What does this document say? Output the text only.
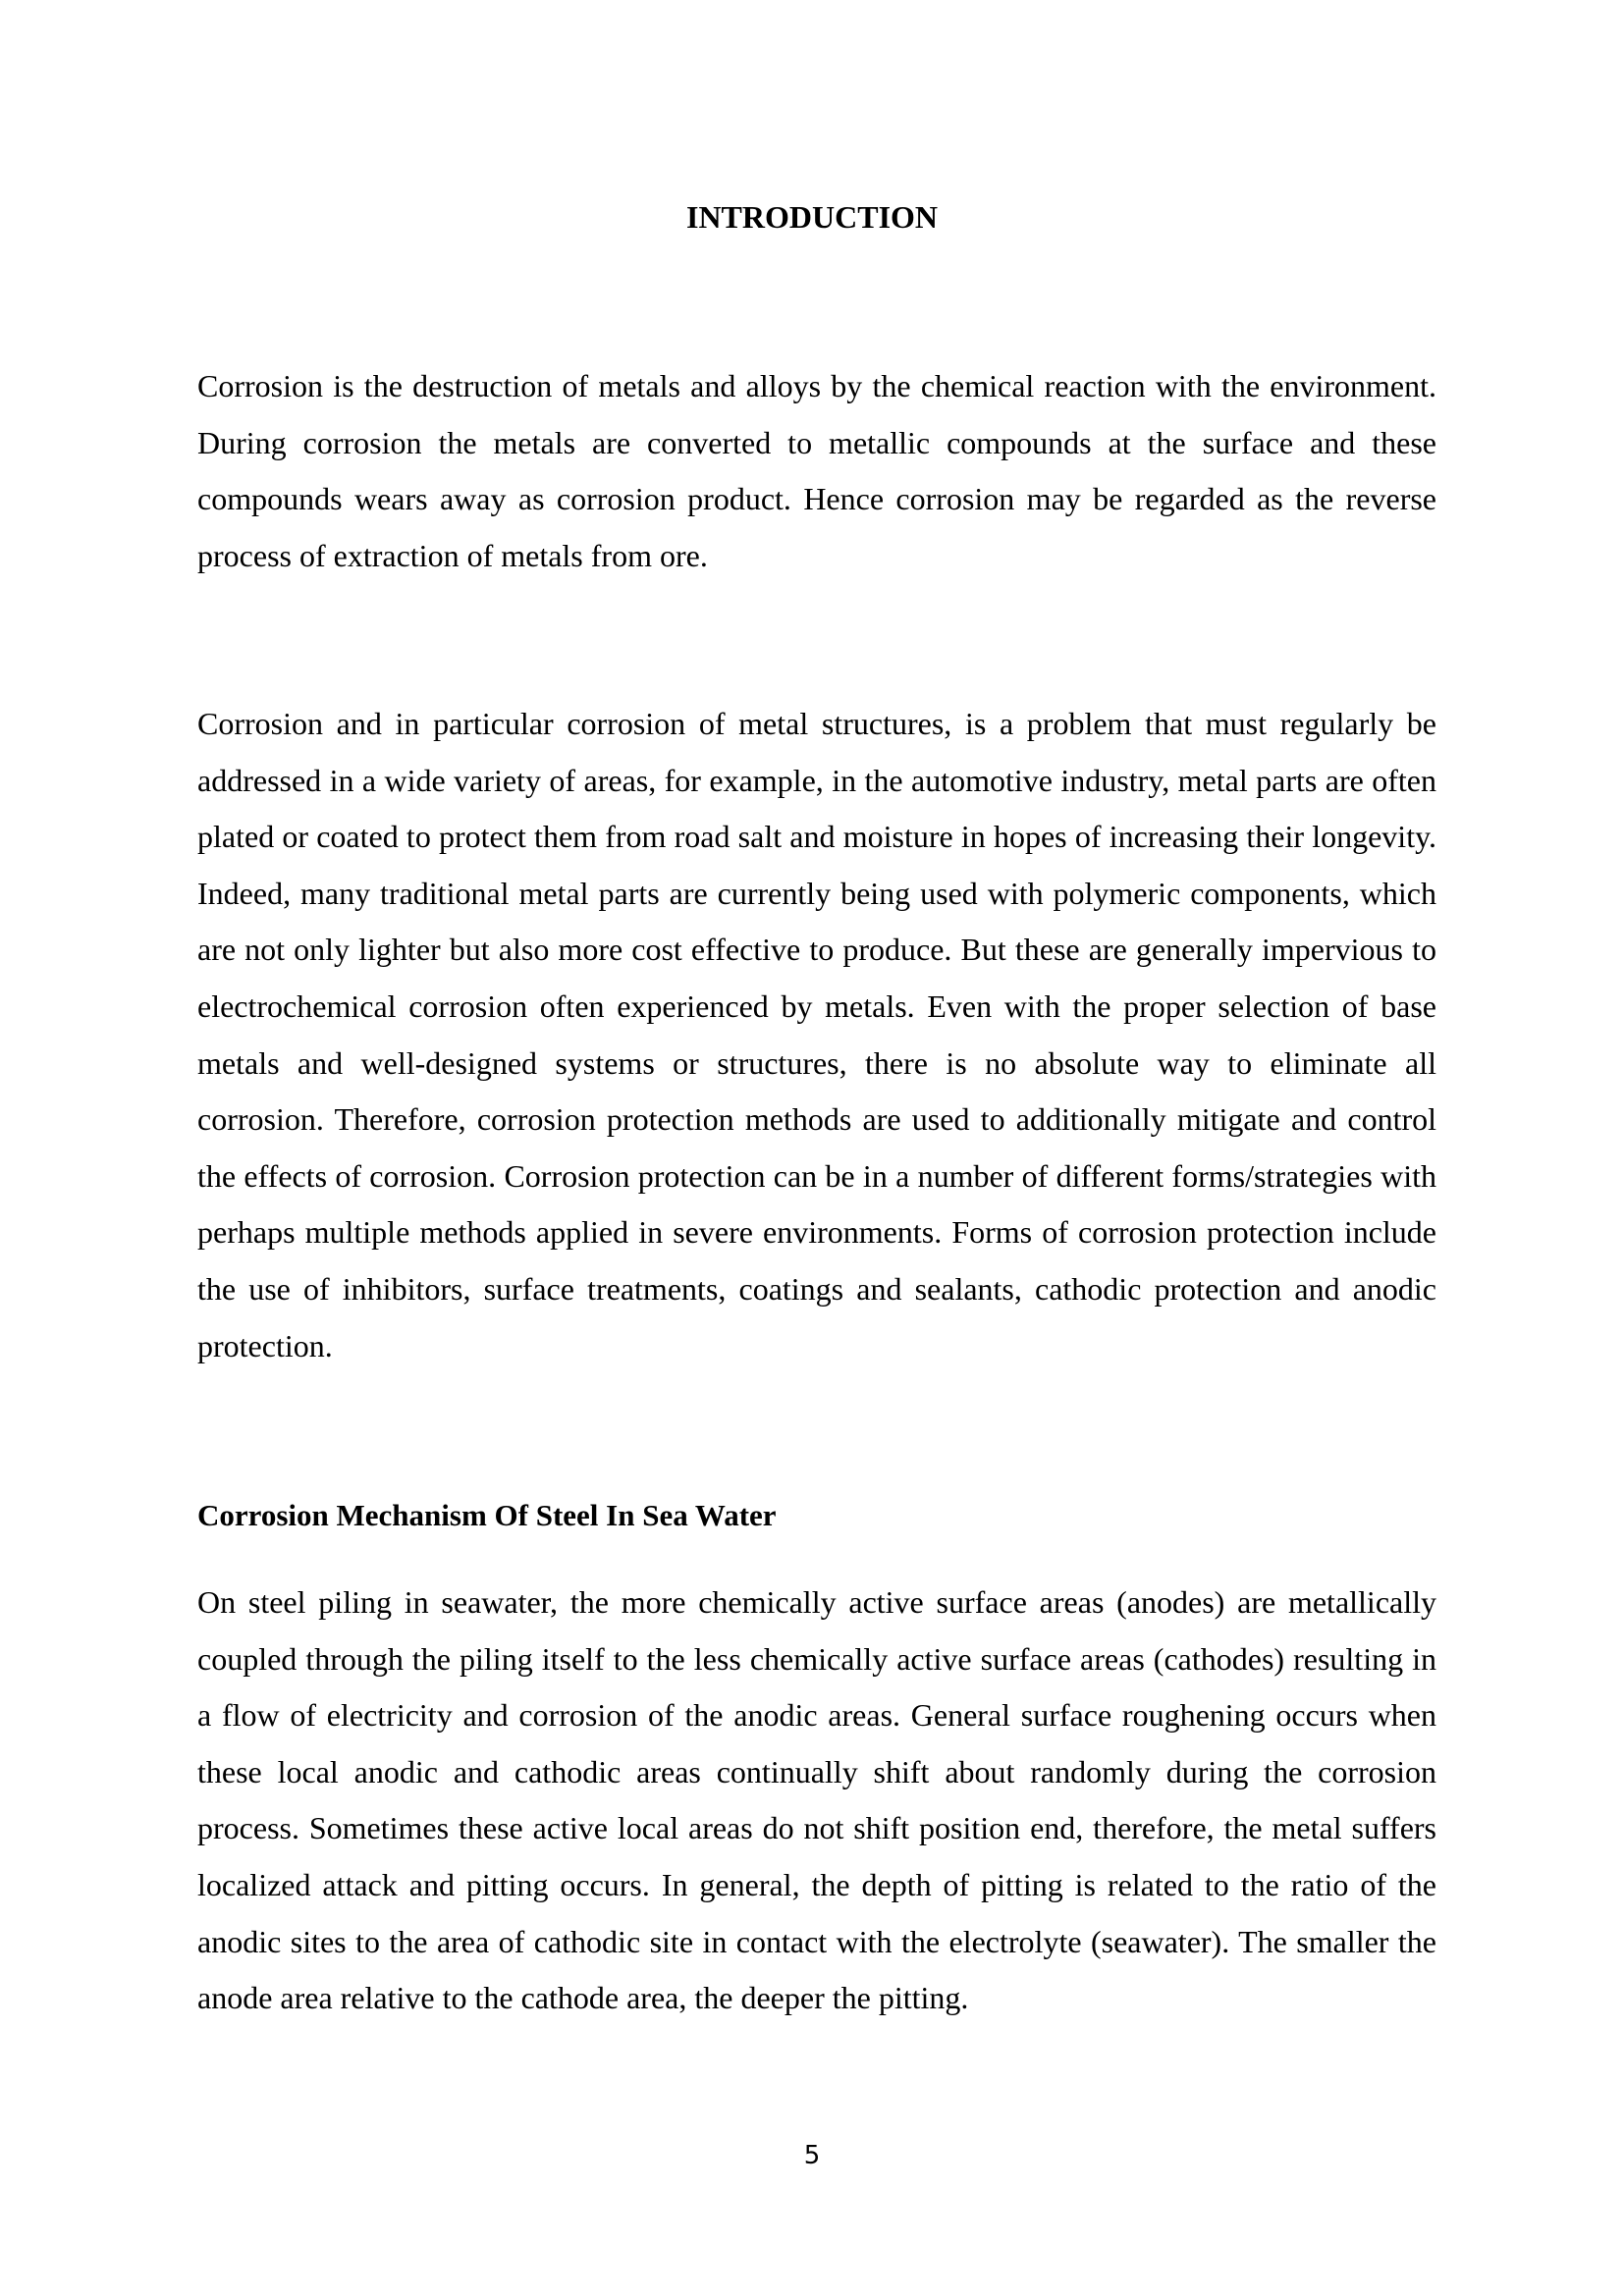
INTRODUCTION

Corrosion is the destruction of metals and alloys by the chemical reaction with the environment. During corrosion the metals are converted to metallic compounds at the surface and these compounds wears away as corrosion product. Hence corrosion may be regarded as the reverse process of extraction of metals from ore.

Corrosion and in particular corrosion of metal structures, is a problem that must regularly be addressed in a wide variety of areas, for example, in the automotive industry, metal parts are often plated or coated to protect them from road salt and moisture in hopes of increasing their longevity. Indeed, many traditional metal parts are currently being used with polymeric components, which are not only lighter but also more cost effective to produce. But these are generally impervious to electrochemical corrosion often experienced by metals. Even with the proper selection of base metals and well-designed systems or structures, there is no absolute way to eliminate all corrosion. Therefore, corrosion protection methods are used to additionally mitigate and control the effects of corrosion. Corrosion protection can be in a number of different forms/strategies with perhaps multiple methods applied in severe environments. Forms of corrosion protection include the use of inhibitors, surface treatments, coatings and sealants, cathodic protection and anodic protection.

Corrosion Mechanism Of Steel In Sea Water

On steel piling in seawater, the more chemically active surface areas (anodes) are metallically coupled through the piling itself to the less chemically active surface areas (cathodes) resulting in a flow of electricity and corrosion of the anodic areas. General surface roughening occurs when these local anodic and cathodic areas continually shift about randomly during the corrosion process. Sometimes these active local areas do not shift position end, therefore, the metal suffers localized attack and pitting occurs. In general, the depth of pitting is related to the ratio of the anodic sites to the area of cathodic site in contact with the electrolyte (seawater). The smaller the anode area relative to the cathode area, the deeper the pitting.

5
